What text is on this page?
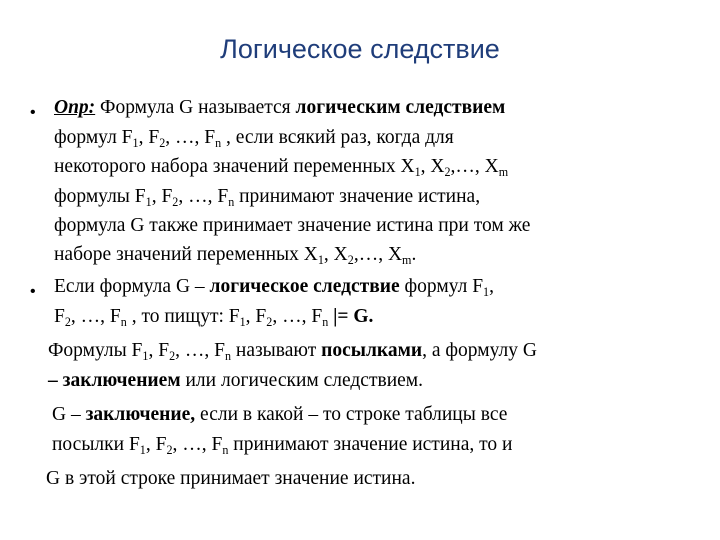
Логическое следствие
• Опр: Формула G называется логическим следствием
формул $F_1$, $F_2$, …, $F_n$ , если всякий раз, когда для
некоторого набора значений переменных $X_1$, $X_2,\dots$, $X_m$
формулы $F_1$, $F_2$, …, $F_n$ принимают значение истина,
формула G также принимает значение истина при том же
наборе значений переменных $X_1$, $X_2,\dots$, $X_m$.
• Если формула G – логическое следствие формул $F_1$,
$F_2$, …, $F_n$ , то пищут: $F_1$, $F_2$, …, $F_n$ |= G.
Формулы $F_1$, $F_2$, …, $F_n$ называют посылками, а формулу G
– заключением или логическим следствием.
G – заключение, если в какой – то строке таблицы все
посылки $F_1$, $F_2$, …, $F_n$ принимают значение истина, то и
G в этой строке принимает значение истина.
